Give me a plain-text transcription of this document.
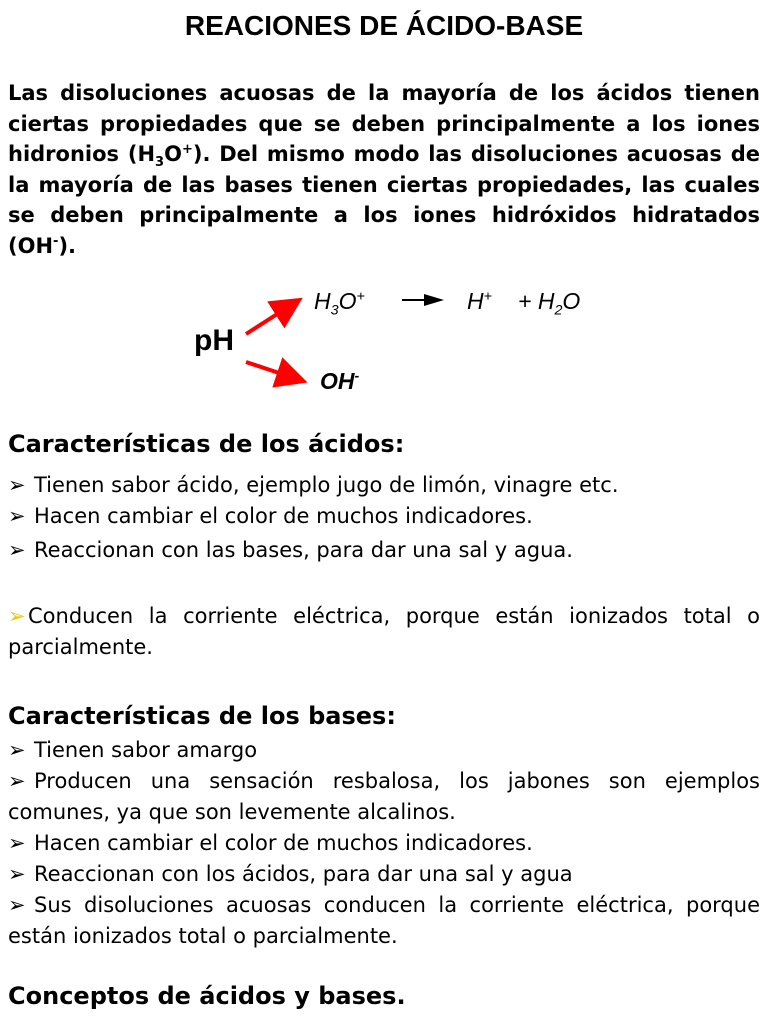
REACIONES DE ÁCIDO-BASE
Las disoluciones acuosas de la mayoría de los ácidos tienen ciertas propiedades que se deben principalmente a los iones hidronios $(H_3O^+)$. Del mismo modo las disoluciones acuosas de la mayoría de las bases tienen ciertas propiedades, las cuales se deben principalmente a los iones hidróxidos hidratados (OH-).
pH
$H_3O^+$	$H^+ + H_2O$
OH-
Características de los ácidos:
➢ Tienen sabor ácido, ejemplo jugo de limón, vinagre etc.
➢ Hacen cambiar el color de muchos indicadores.
➢ Reaccionan con las bases, para dar una sal y agua.
➢ Conducen la corriente eléctrica, porque están ionizados total o parcialmente.
Características de los bases:
➢ Tienen sabor amargo
➢ Producen una sensación resbalosa, los jabones son ejemplos comunes, ya que son levemente alcalinos.
➢ Hacen cambiar el color de muchos indicadores.
➢ Reaccionan con los ácidos, para dar una sal y agua
➢ Sus disoluciones acuosas conducen la corriente eléctrica, porque están ionizados total o parcialmente.
Conceptos de ácidos y bases.
